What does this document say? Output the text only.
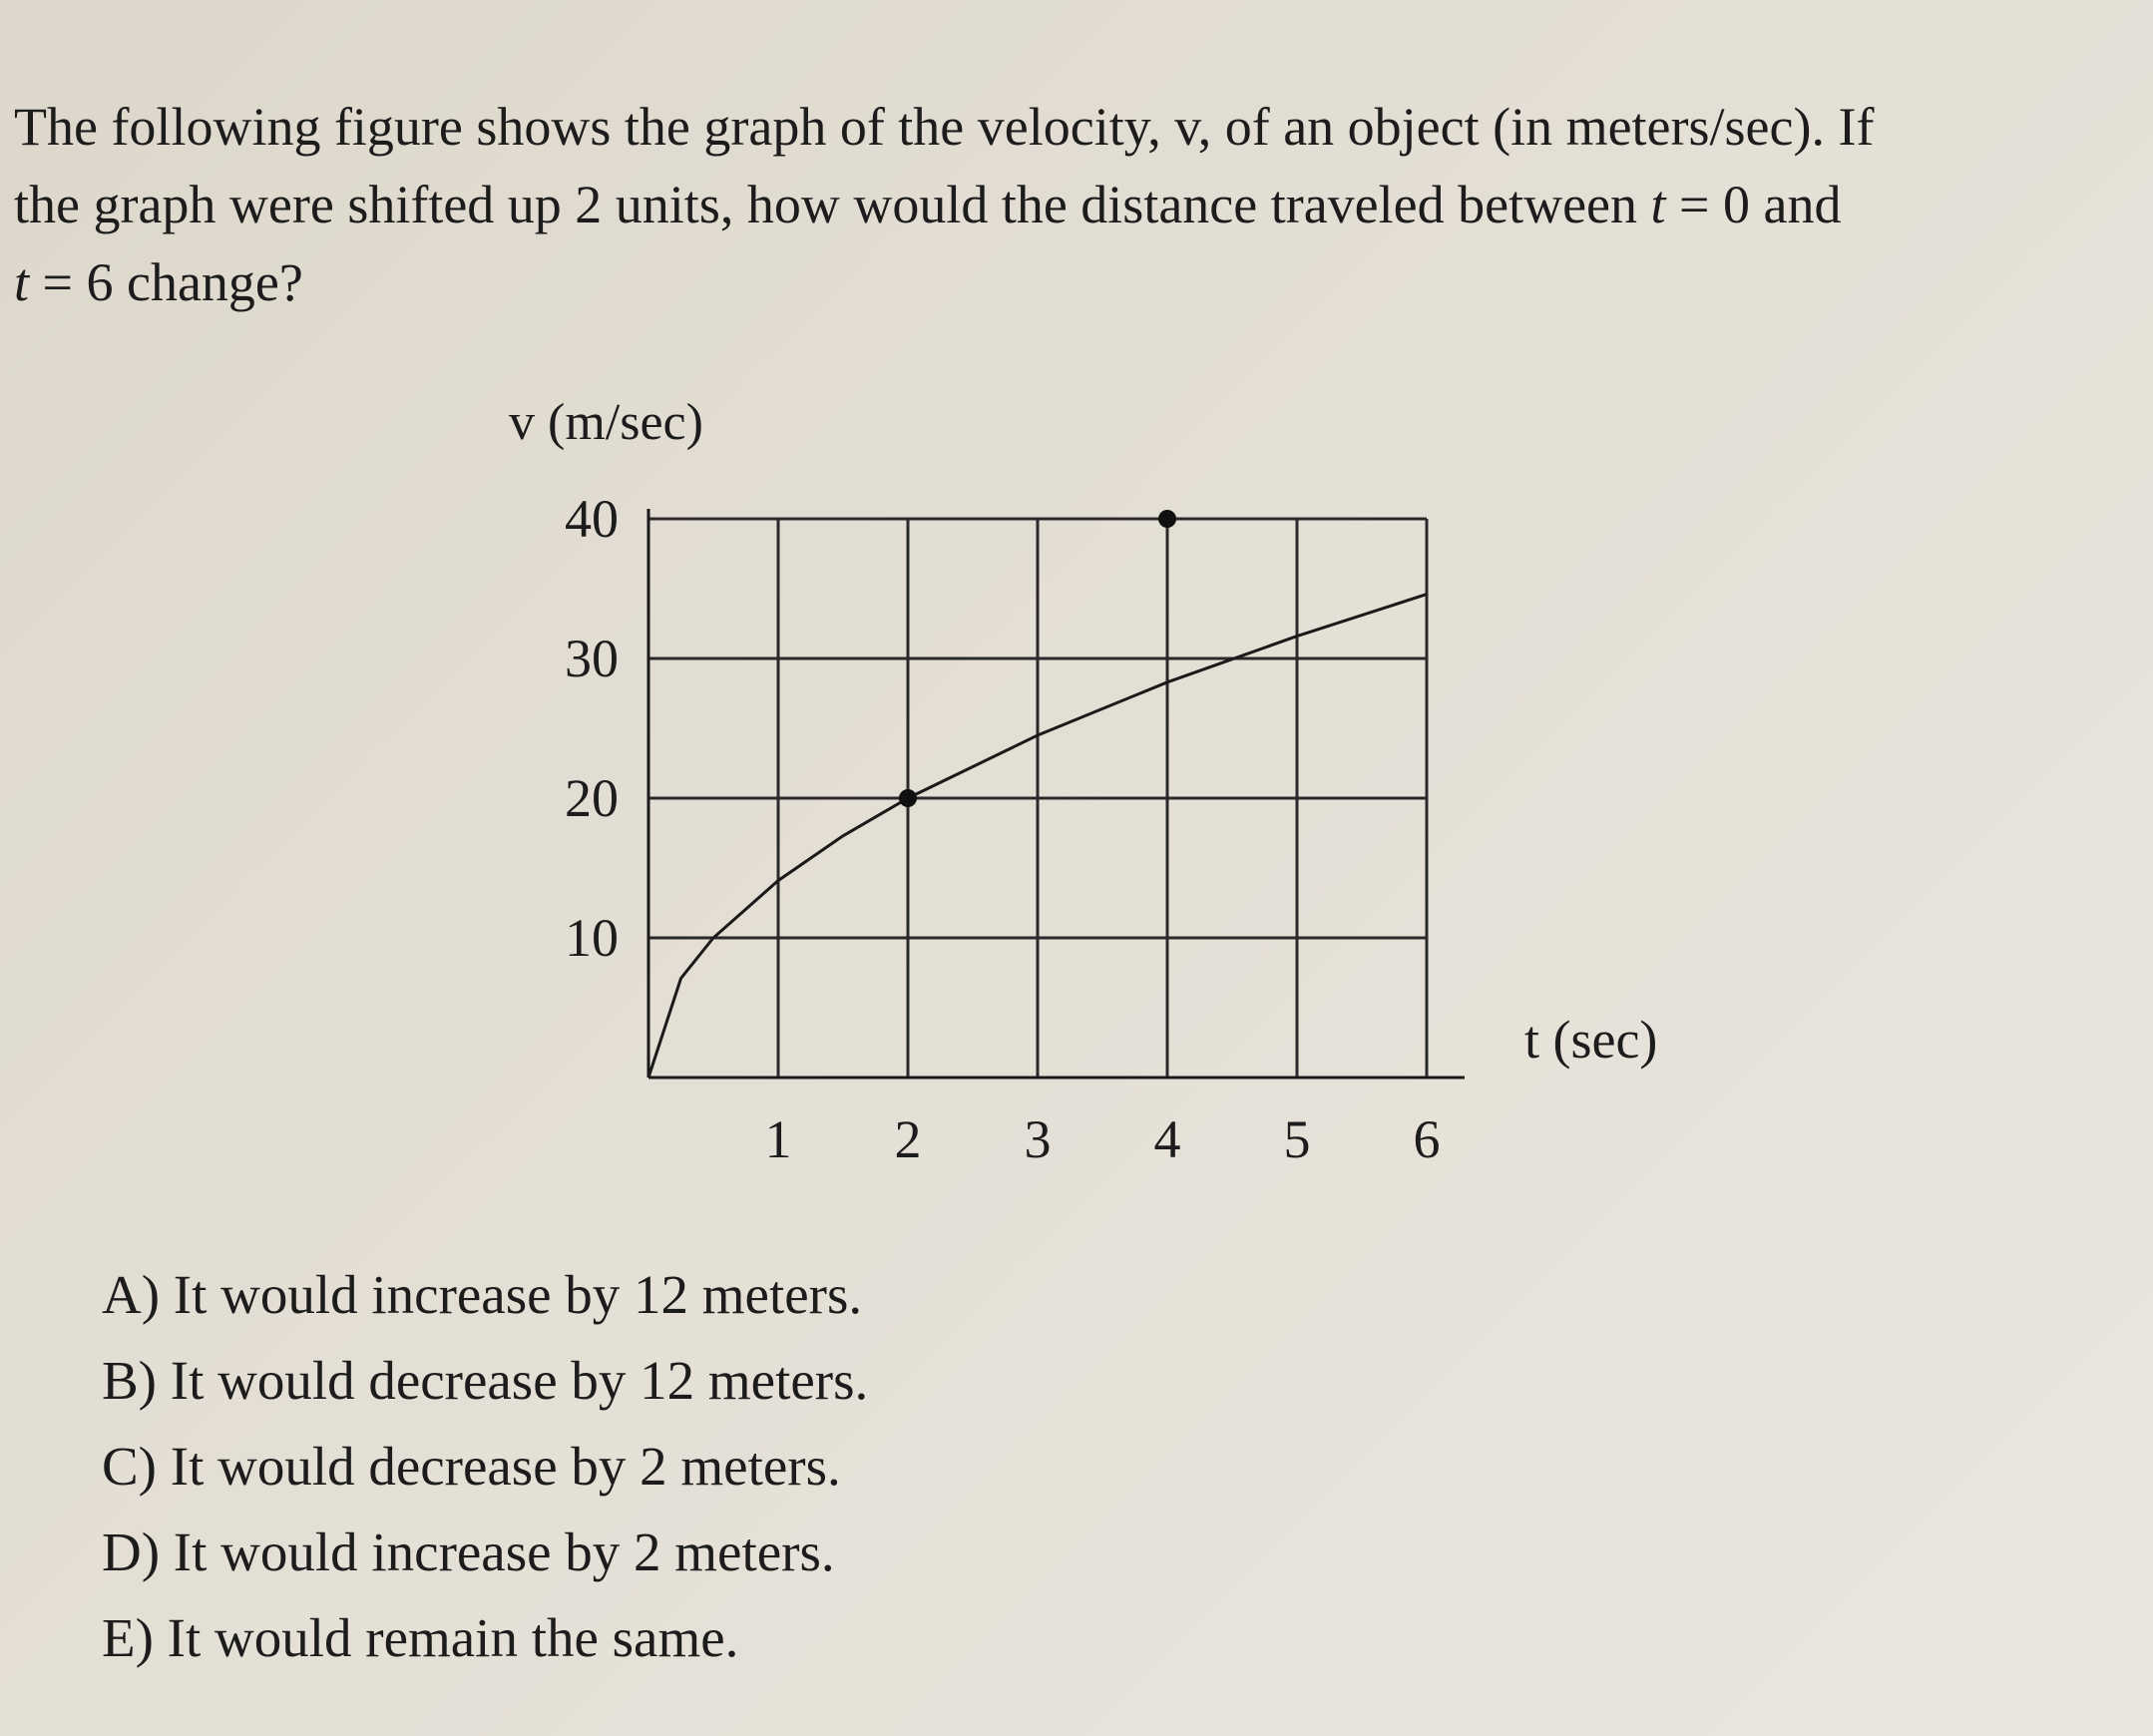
The following figure shows the graph of the velocity, v, of an object (in meters/sec). If
the graph were shifted up 2 units, how would the distance traveled between t = 0 and
t = 6 change?

v (m/sec)
t (sec)
1 2 3 4 5 6
10
20
30
40
A) It would increase by 12 meters.
B) It would decrease by 12 meters.
C) It would decrease by 2 meters.
D) It would increase by 2 meters.
E) It would remain the same.
